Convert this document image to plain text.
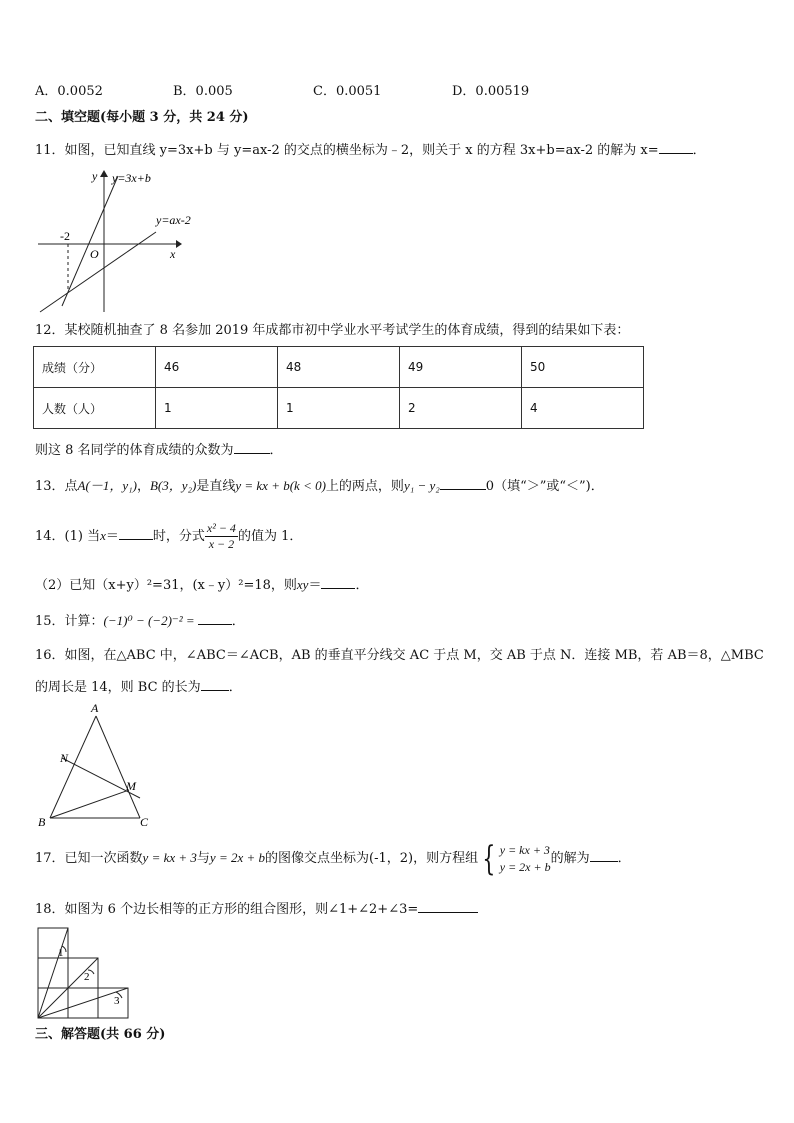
A．0.0052	B．0.005	C．0.0051	D．0.00519
二、填空题(每小题 3 分，共 24 分)
11．如图，已知直线 y=3x+b 与 y=ax-2 的交点的横坐标为﹣2，则关于 x 的方程 3x+b=ax-2 的解为 x=	．
y
x
O
y=3x+b
y=ax-2
-2
12．某校随机抽查了 8 名参加 2019 年成都市初中学业水平考试学生的体育成绩，得到的结果如下表：
成绩（分）	46	48	49	50
人数（人）	1	1	2	4
则这 8 名同学的体育成绩的众数为	．
13．点A(－1，y₁)，B(3，y₂)是直线y = kx + b(k < 0)上的两点，则y₁ − y₂	0（填“＞”或“＜”)．
14．(1) 当x＝	时，分式 $\frac{\text{x² − 4}}{x - 2}$ 的值为 1．
（2）已知（x+y）²=31，(x﹣y）²=18，则xy＝	．
15．计算：(−1)⁰ − (−2)⁻² =	．
16．如图，在△ABC 中，∠ABC＝∠ACB，AB 的垂直平分线交 AC 于点 M，交 AB 于点 N．连接 MB，若 AB＝8，△MBC
的周长是 14，则 BC 的长为 ．
A
B	C
M
N
17．已知一次函数y = kx + 3与y = 2x + b的图像交点坐标为(-1，2)，则方程组 { y = kx + 3
y = 2x + b
的解为 ．
18．如图为 6 个边长相等的正方形的组合图形，则∠1+∠2+∠3=
1
2
3
三、解答题(共 66 分)
